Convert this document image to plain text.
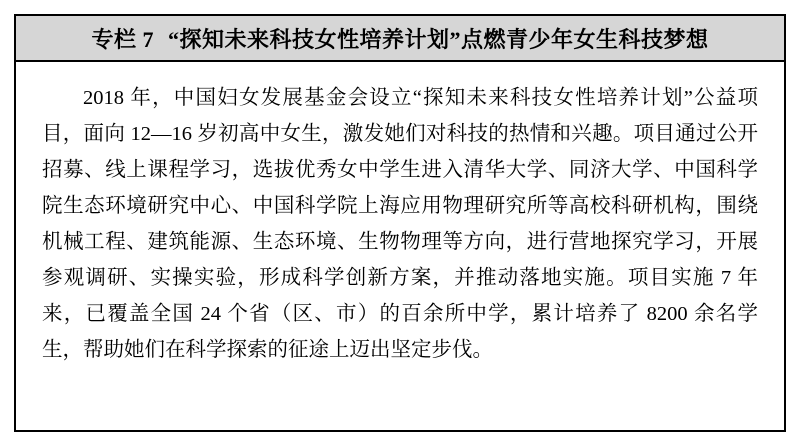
专栏 7 “探知未来科技女性培养计划”点燃青少年女生科技梦想

2018 年，中国妇女发展基金会设立“探知未来科技女性培养计划”公益项目，面向 12—16 岁初高中女生，激发她们对科技的热情和兴趣。项目通过公开招募、线上课程学习，选拔优秀女中学生进入清华大学、同济大学、中国科学院生态环境研究中心、中国科学院上海应用物理研究所等高校科研机构，围绕机械工程、建筑能源、生态环境、生物物理等方向，进行营地探究学习，开展参观调研、实操实验，形成科学创新方案，并推动落地实施。项目实施 7 年来，已覆盖全国 24 个省（区、市）的百余所中学，累计培养了 8200 余名学生，帮助她们在科学探索的征途上迈出坚定步伐。
